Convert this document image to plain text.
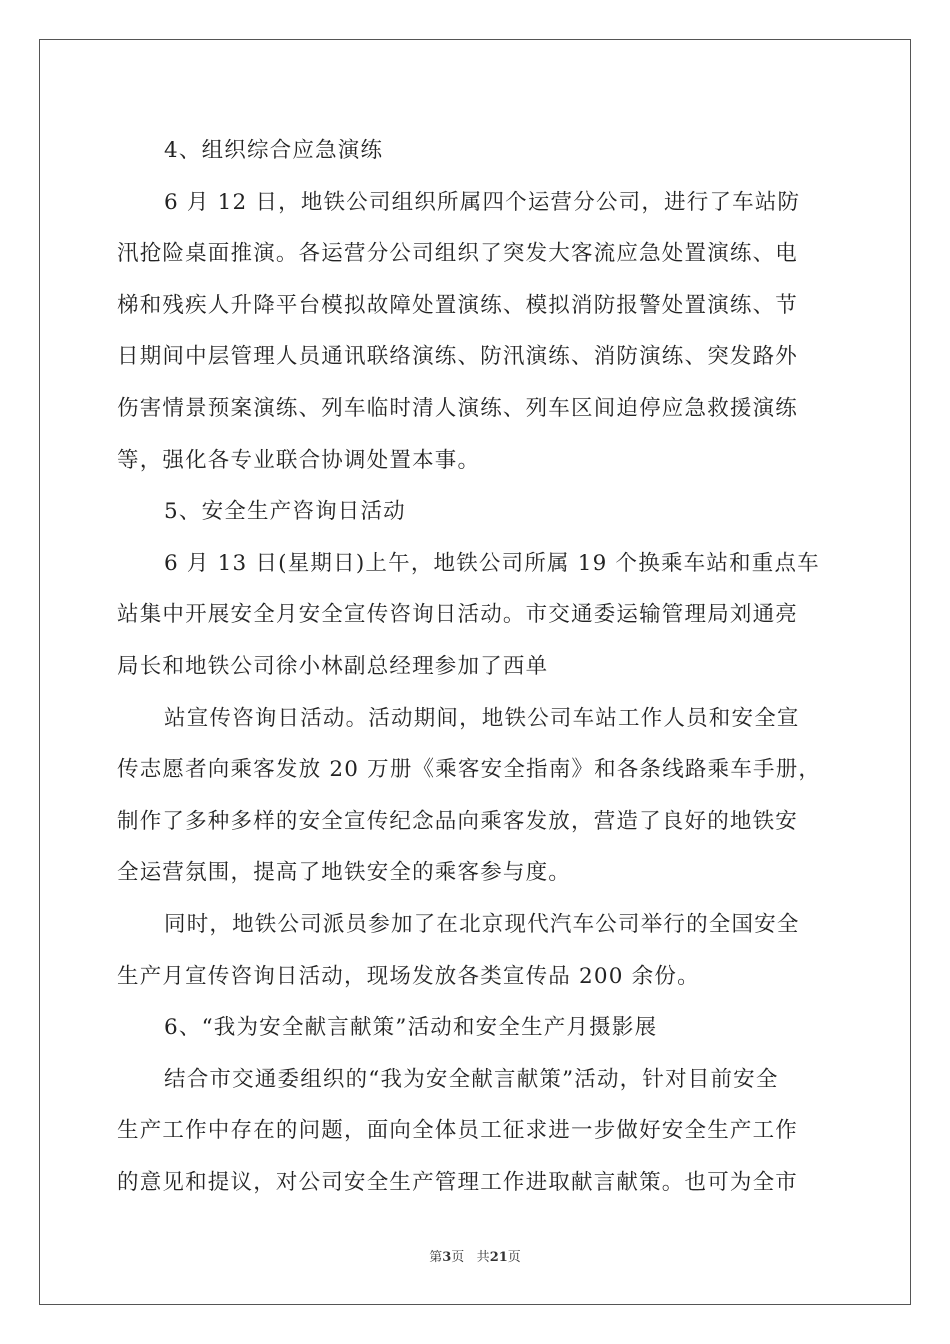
4、组织综合应急演练
6 月 12 日，地铁公司组织所属四个运营分公司，进行了车站防
汛抢险桌面推演。各运营分公司组织了突发大客流应急处置演练、电
梯和残疾人升降平台模拟故障处置演练、模拟消防报警处置演练、节
日期间中层管理人员通讯联络演练、防汛演练、消防演练、突发路外
伤害情景预案演练、列车临时清人演练、列车区间迫停应急救援演练
等，强化各专业联合协调处置本事。
5、安全生产咨询日活动
6 月 13 日(星期日)上午，地铁公司所属 19 个换乘车站和重点车
站集中开展安全月安全宣传咨询日活动。市交通委运输管理局刘通亮
局长和地铁公司徐小林副总经理参加了西单
站宣传咨询日活动。活动期间，地铁公司车站工作人员和安全宣
传志愿者向乘客发放 20 万册《乘客安全指南》和各条线路乘车手册，
制作了多种多样的安全宣传纪念品向乘客发放，营造了良好的地铁安
全运营氛围，提高了地铁安全的乘客参与度。
同时，地铁公司派员参加了在北京现代汽车公司举行的全国安全
生产月宣传咨询日活动，现场发放各类宣传品 200 余份。
6、“我为安全献言献策”活动和安全生产月摄影展
结合市交通委组织的“我为安全献言献策”活动，针对目前安全
生产工作中存在的问题，面向全体员工征求进一步做好安全生产工作
的意见和提议，对公司安全生产管理工作进取献言献策。也可为全市
第3页 共21页
